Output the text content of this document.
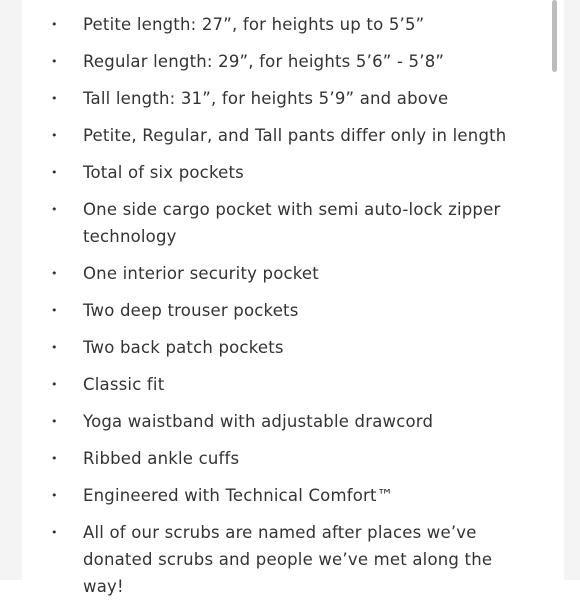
• Petite length: 27”, for heights up to 5’5”
• Regular length: 29”, for heights 5’6” - 5’8”
• Tall length: 31”, for heights 5’9” and above
• Petite, Regular, and Tall pants differ only in length
• Total of six pockets
• One side cargo pocket with semi auto-lock zipper technology
• One interior security pocket
• Two deep trouser pockets
• Two back patch pockets
• Classic fit
• Yoga waistband with adjustable drawcord
• Ribbed ankle cuffs
• Engineered with Technical Comfort™
• All of our scrubs are named after places we’ve donated scrubs and people we’ve met along the way!
